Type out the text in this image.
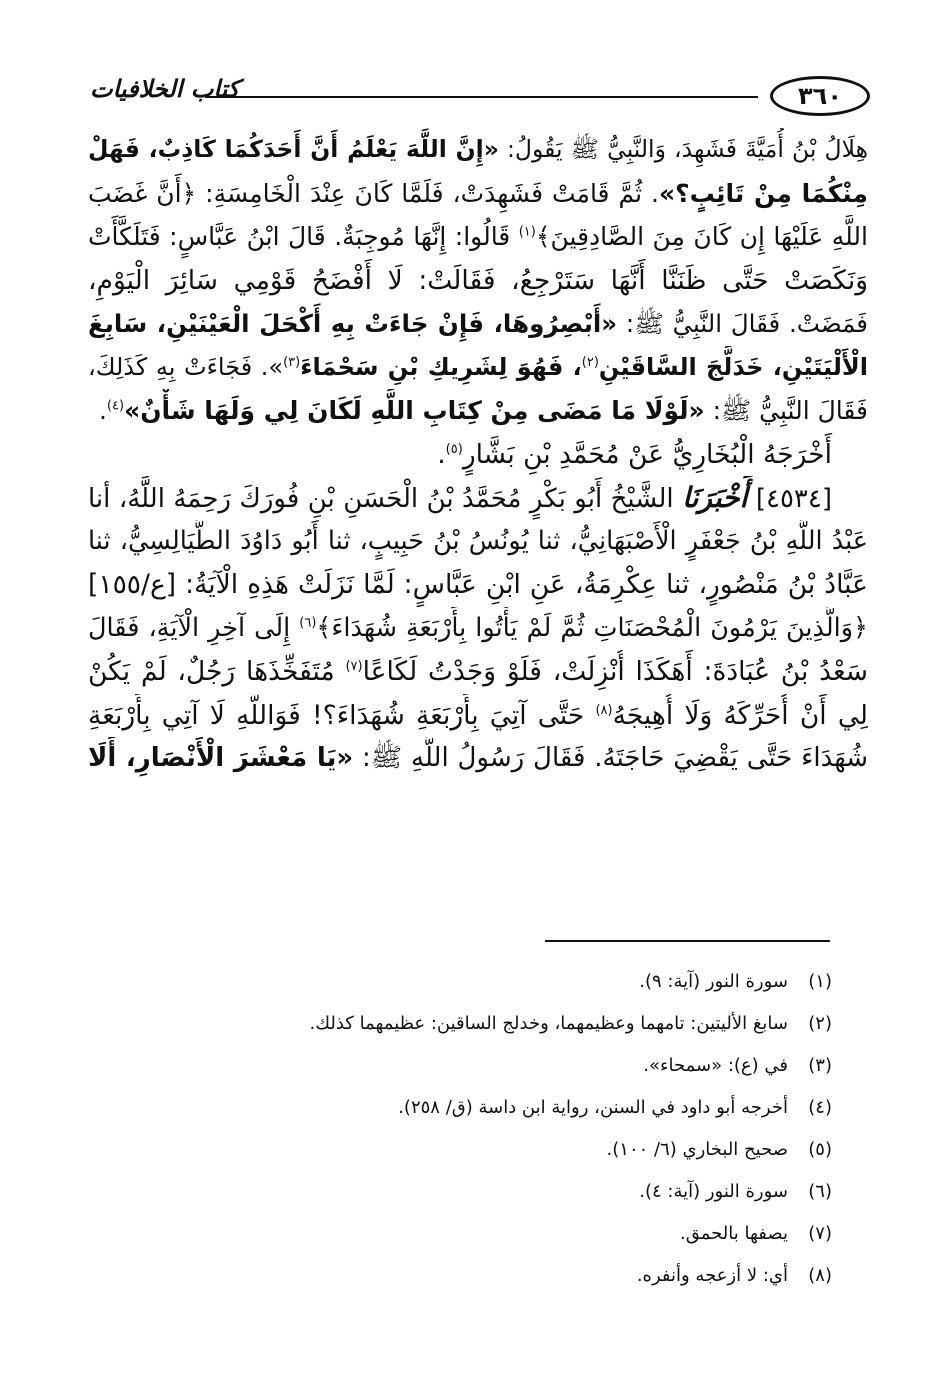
٣٦٠
كتاب الخلافيات
هِلَالُ بْنُ أُمَيَّةَ فَشَهِدَ، وَالنَّبِيُّ ﷺ يَقُولُ: «إِنَّ اللَّهَ يَعْلَمُ أَنَّ أَحَدَكُمَا كَاذِبٌ، فَهَلْ
مِنْكُمَا مِنْ تَائِبٍ؟». ثُمَّ قَامَتْ فَشَهِدَتْ، فَلَمَّا كَانَ عِنْدَ الْخَامِسَةِ: ﴿أَنَّ غَضَبَ
اللَّهِ عَلَيْهَا إِن كَانَ مِنَ الصَّادِقِينَ﴾$^{(١)}$ قَالُوا: إِنَّهَا مُوجِبَةٌ. قَالَ ابْنُ عَبَّاسٍ: فَتَلَكَّأَتْ
وَنَكَصَتْ حَتَّى ظَنَنَّا أَنَّهَا سَتَرْجِعُ، فَقَالَتْ: لَا أَفْضَحُ قَوْمِي سَائِرَ الْيَوْمِ،
فَمَضَتْ. فَقَالَ النَّبِيُّ ﷺ: «أَبْصِرُوهَا، فَإِنْ جَاءَتْ بِهِ أَكْحَلَ الْعَيْنَيْنِ، سَابِغَ
الْأَلْيَتَيْنِ، خَدَلَّجَ السَّاقَيْنِ$^{(٢)}$، فَهُوَ لِشَرِيكِ بْنِ سَحْمَاءَ$^{(٣)}$». فَجَاءَتْ بِهِ كَذَلِكَ،
فَقَالَ النَّبِيُّ ﷺ: «لَوْلَا مَا مَضَى مِنْ كِتَابِ اللَّهِ لَكَانَ لِي وَلَهَا شَأْنٌ»$^{(٤)}$.
أَخْرَجَهُ الْبُخَارِيُّ عَنْ مُحَمَّدِ بْنِ بَشَّارٍ$^{(٥)}$.
[٤٥٣٤] أَخْبَرَنَا الشَّيْخُ أَبُو بَكْرٍ مُحَمَّدُ بْنُ الْحَسَنِ بْنِ فُورَكَ رَحِمَهُ اللَّهُ، أنا
عَبْدُ اللَّهِ بْنُ جَعْفَرٍ الْأَصْبَهَانِيُّ، ثنا يُونُسُ بْنُ حَبِيبٍ، ثنا أَبُو دَاوُدَ الطَّيَالِسِيُّ، ثنا
عَبَّادُ بْنُ مَنْصُورٍ، ثنا عِكْرِمَةُ، عَنِ ابْنِ عَبَّاسٍ: لَمَّا نَزَلَتْ هَذِهِ الْآيَةُ: [ع/١٥٥]
﴿وَالَّذِينَ يَرْمُونَ الْمُحْصَنَاتِ ثُمَّ لَمْ يَأْتُوا بِأَرْبَعَةِ شُهَدَاءَ﴾$^{(٦)}$ إِلَى آخِرِ الْآيَةِ، فَقَالَ
سَعْدُ بْنُ عُبَادَةَ: أَهَكَذَا أُنْزِلَتْ، فَلَوْ وَجَدْتُ لَكَاعًا$^{(٧)}$ مُتَفَخِّذَهَا رَجُلٌ، لَمْ يَكُنْ
لِي أَنْ أُحَرِّكَهُ وَلَا أُهِيجَهُ$^{(٨)}$ حَتَّى آتِيَ بِأَرْبَعَةِ شُهَدَاءَ؟! فَوَاللَّهِ لَا آتِي بِأَرْبَعَةِ
شُهَدَاءَ حَتَّى يَقْضِيَ حَاجَتَهُ. فَقَالَ رَسُولُ اللَّهِ ﷺ: «يَا مَعْشَرَ الْأَنْصَارِ، أَلَا
(١)
سورة النور (آية: ٩).
(٢)
سابغ الأليتين: تامهما وعظيمهما، وخدلج الساقين: عظيمهما كذلك.
(٣)
في (ع): «سمحاء».
(٤)
أخرجه أبو داود في السنن، رواية ابن داسة (ق/ ٢٥٨).
(٥)
صحيح البخاري (٦/ ١٠٠).
(٦)
سورة النور (آية: ٤).
(٧)
يصفها بالحمق.
(٨)
أي: لا أزعجه وأنفره.
